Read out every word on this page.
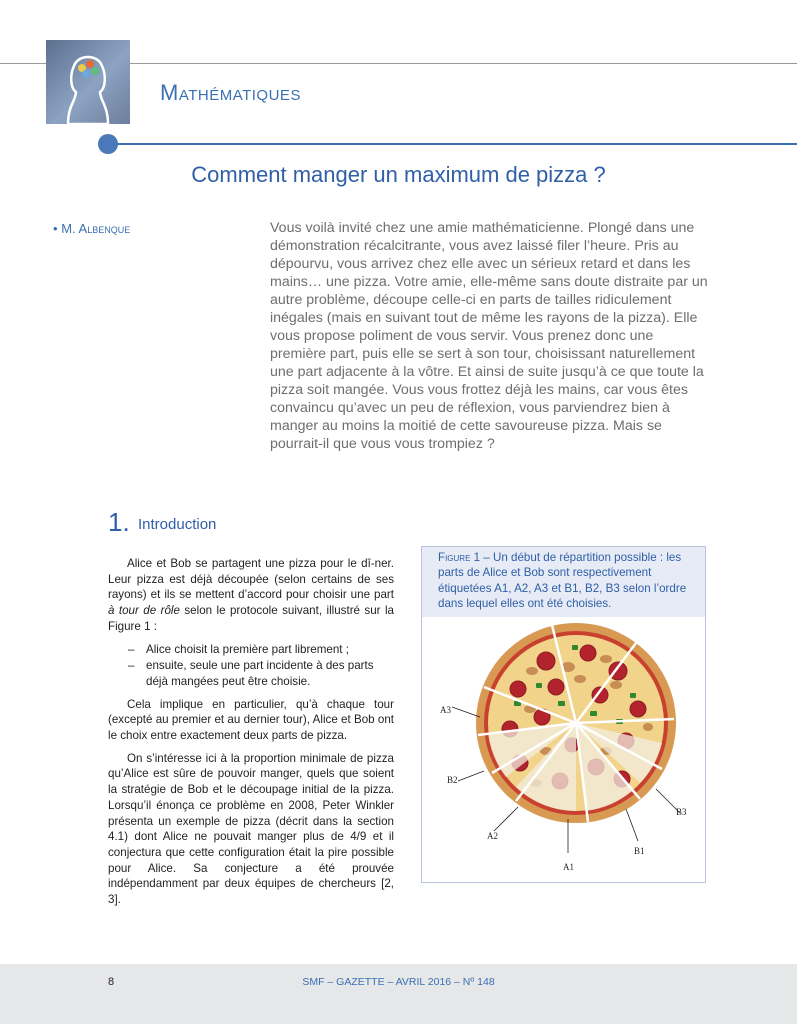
Mathématiques
Comment manger un maximum de pizza ?
• M. Albenque	Vous voilà invité chez une amie mathématicienne. Plongé dans une démonstration récalcitrante, vous avez laissé filer l’heure. Pris au dépourvu, vous arrivez chez elle avec un sérieux retard et dans les mains… une pizza. Votre amie, elle-même sans doute distraite par un autre problème, découpe celle-ci en parts de tailles ridiculement inégales (mais en suivant tout de même les rayons de la pizza). Elle vous propose poliment de vous servir. Vous prenez donc une première part, puis elle se sert à son tour, choisissant naturellement une part adjacente à la vôtre. Et ainsi de suite jusqu’à ce que toute la pizza soit mangée. Vous vous frottez déjà les mains, car vous êtes convaincu qu’avec un peu de réflexion, vous parviendrez bien à manger au moins la moitié de cette savoureuse pizza. Mais se pourrait-il que vous vous trompiez ?
1. Introduction

Alice et Bob se partagent une pizza pour le dî-ner. Leur pizza est déjà découpée (selon certains de ses rayons) et ils se mettent d’accord pour choisir une part à tour de rôle selon le protocole suivant, illustré sur la Figure 1 :

– Alice choisit la première part librement ;
– ensuite, seule une part incidente à des parts déjà mangées peut être choisie.

Cela implique en particulier, qu’à chaque tour (excepté au premier et au dernier tour), Alice et Bob ont le choix entre exactement deux parts de pizza.

On s’intéresse ici à la proportion minimale de pizza qu’Alice est sûre de pouvoir manger, quels que soient la stratégie de Bob et le découpage initial de la pizza. Lorsqu’il énonça ce problème en 2008, Peter Winkler présenta un exemple de pizza (décrit dans la section 4.1) dont Alice ne pouvait manger plus de 4/9 et il conjectura que cette configuration était la pire possible pour Alice. Sa conjecture a été prouvée indépendamment par deux équipes de chercheurs [2, 3].

Figure 1 – Un début de répartition possible : les parts de Alice et Bob sont respectivement étiquetées A1, A2, A3 et B1, B2, B3 selon l’ordre dans lequel elles ont été choisies.
A3
B2
A2
A1
B1
B3
8	SMF – GAZETTE – AVRIL 2016 – Nº 148
